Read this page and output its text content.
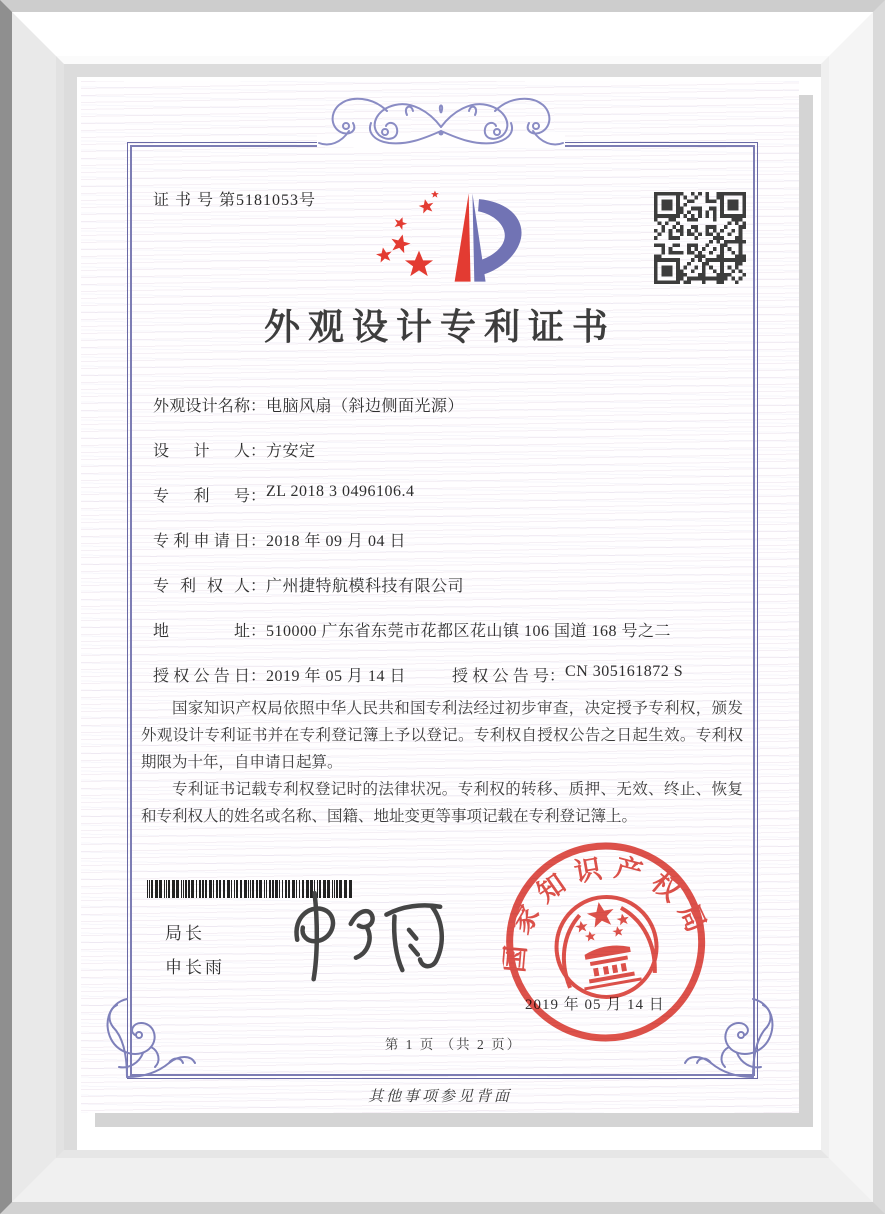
证 书 号 第5181053号
外观设计专利证书
外观设计名称：电脑风扇（斜边侧面光源）
设计人：方安定
专利号：ZL 2018 3 0496106.4
专利申请日：2018 年 09 月 04 日
专利权人：广州捷特航模科技有限公司
地址：510000 广东省东莞市花都区花山镇 106 国道 168 号之二
授权公告日：2019 年 05 月 14 日	授权公告号：CN 305161872 S

国家知识产权局依照中华人民共和国专利法经过初步审查，决定授予专利权，颁发外观设计专利证书并在专利登记簿上予以登记。专利权自授权公告之日起生效。专利权期限为十年，自申请日起算。

专利证书记载专利权登记时的法律状况。专利权的转移、质押、无效、终止、恢复和专利权人的姓名或名称、国籍、地址变更等事项记载在专利登记簿上。

局长
申长雨
2019 年 05 月 14 日
国家知识产权局
第 1 页 （共 2 页）
其他事项参见背面
